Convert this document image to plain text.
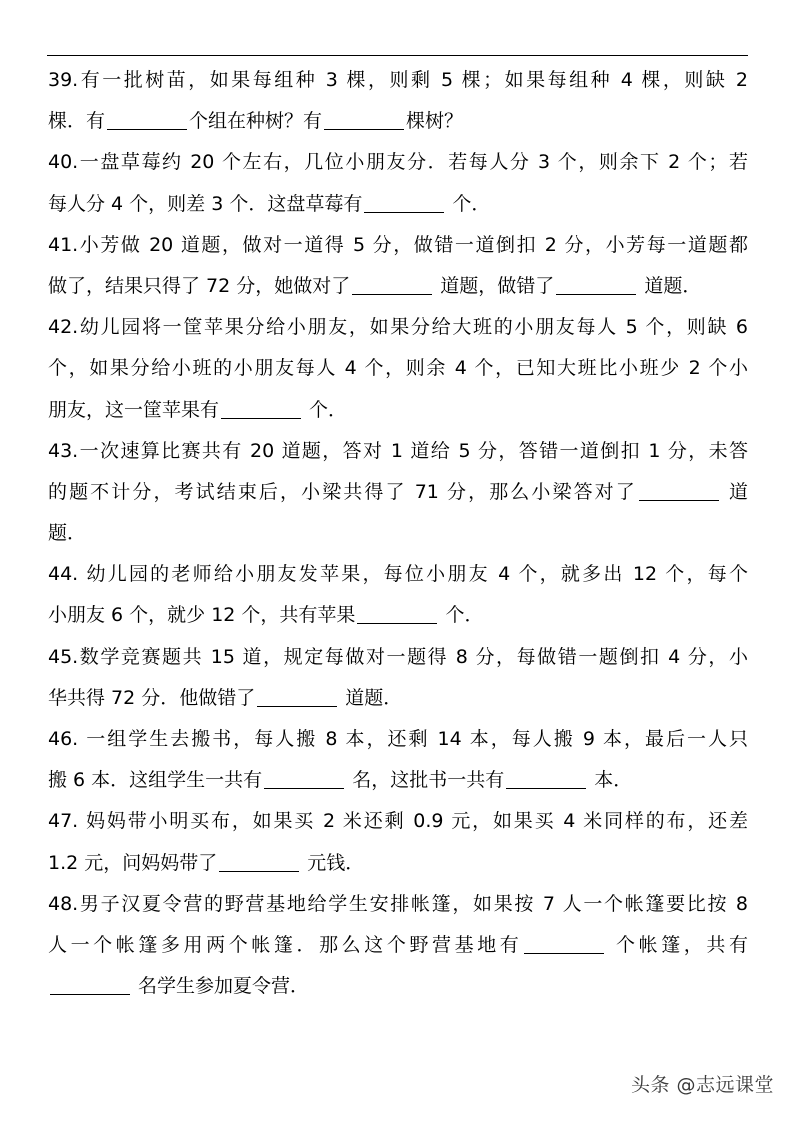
39.有一批树苗，如果每组种 3 棵，则剩 5 棵；如果每组种 4 棵，则缺 2
棵．有	个组在种树？有	棵树？
40.一盘草莓约 20 个左右，几位小朋友分．若每人分 3 个，则余下 2 个；若
每人分 4 个，则差 3 个．这盘草莓有	个．
41.小芳做 20 道题，做对一道得 5 分，做错一道倒扣 2 分，小芳每一道题都
做了，结果只得了 72 分，她做对了	道题，做错了	道题．
42.幼儿园将一筐苹果分给小朋友，如果分给大班的小朋友每人 5 个，则缺 6
个，如果分给小班的小朋友每人 4 个，则余 4 个，已知大班比小班少 2 个小
朋友，这一筐苹果有	个．
43.一次速算比赛共有 20 道题，答对 1 道给 5 分，答错一道倒扣 1 分，未答
的题不计分，考试结束后，小梁共得了 71 分，那么小梁答对了	道
题．
44. 幼儿园的老师给小朋友发苹果，每位小朋友 4 个，就多出 12 个，每个
小朋友 6 个，就少 12 个，共有苹果	个．
45.数学竞赛题共 15 道，规定每做对一题得 8 分，每做错一题倒扣 4 分，小
华共得 72 分．他做错了	道题．
46. 一组学生去搬书，每人搬 8 本，还剩 14 本，每人搬 9 本，最后一人只
搬 6 本．这组学生一共有	名，这批书一共有	本．
47. 妈妈带小明买布，如果买 2 米还剩 0.9 元，如果买 4 米同样的布，还差
1.2 元，问妈妈带了	元钱．
48.男子汉夏令营的野营基地给学生安排帐篷，如果按 7 人一个帐篷要比按 8
人一个帐篷多用两个帐篷．那么这个野营基地有	个帐篷，共有
名学生参加夏令营．
头条 @志远课堂
